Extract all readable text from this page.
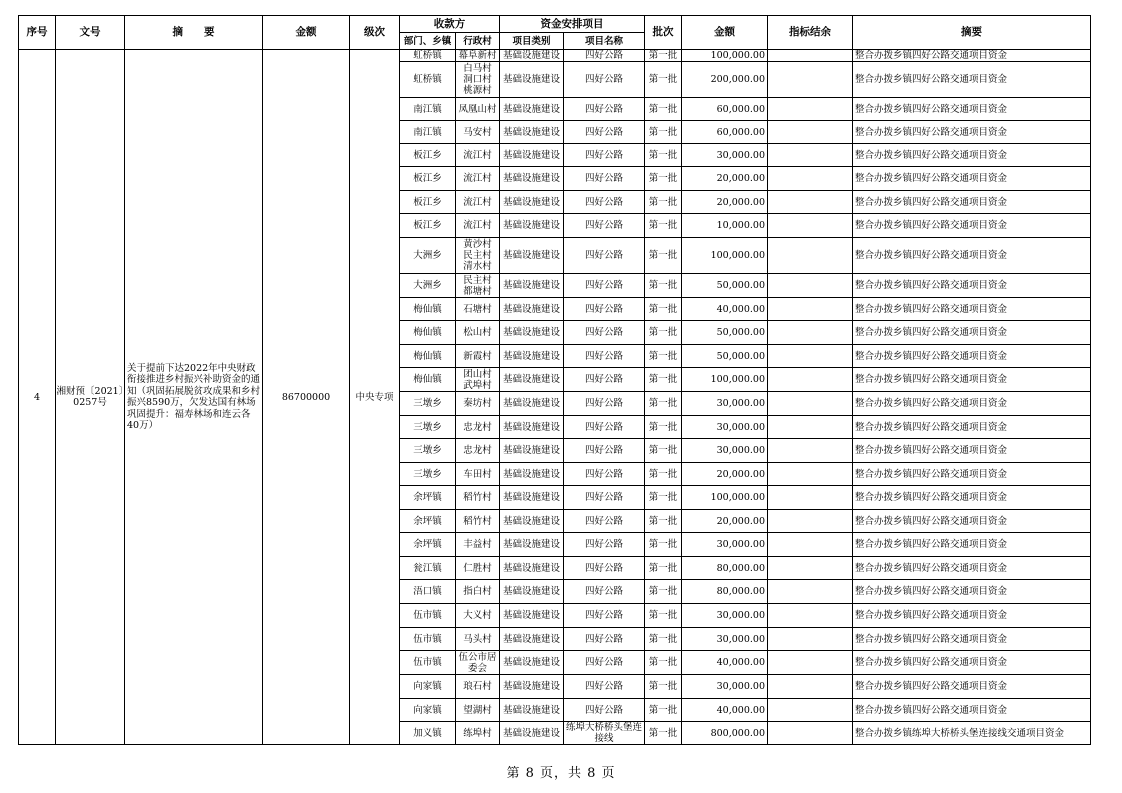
序号	文号	摘　　要	金额	级次	收款方		资金安排项目		批次	金额	指标结余	摘要
					部门、乡镇	行政村	项目类别	项目名称				
4	湘财预〔2021〕0257号	关于提前下达2022年中央财政衔接推进乡村振兴补助资金的通知（巩固拓展脱贫攻成果和乡村振兴8590万，欠发达国有林场巩固提升：福寿林场和连云各40万）	86700000	中央专项	虹桥镇	幕阜新村	基础设施建设	四好公路	第一批	100,000.00		整合办拨乡镇四好公路交通项目资金
					虹桥镇	白马村
洞口村
桃源村	基础设施建设	四好公路	第一批	200,000.00		整合办拨乡镇四好公路交通项目资金
					南江镇	凤凰山村	基础设施建设	四好公路	第一批	60,000.00		整合办拨乡镇四好公路交通项目资金
					南江镇	马安村	基础设施建设	四好公路	第一批	60,000.00		整合办拨乡镇四好公路交通项目资金
					板江乡	流江村	基础设施建设	四好公路	第一批	30,000.00		整合办拨乡镇四好公路交通项目资金
					板江乡	流江村	基础设施建设	四好公路	第一批	20,000.00		整合办拨乡镇四好公路交通项目资金
					板江乡	流江村	基础设施建设	四好公路	第一批	20,000.00		整合办拨乡镇四好公路交通项目资金
					板江乡	流江村	基础设施建设	四好公路	第一批	10,000.00		整合办拨乡镇四好公路交通项目资金
					大洲乡	黄沙村
民主村
清水村	基础设施建设	四好公路	第一批	100,000.00		整合办拨乡镇四好公路交通项目资金
					大洲乡	民主村
都塘村	基础设施建设	四好公路	第一批	50,000.00		整合办拨乡镇四好公路交通项目资金
					梅仙镇	石塘村	基础设施建设	四好公路	第一批	40,000.00		整合办拨乡镇四好公路交通项目资金
					梅仙镇	松山村	基础设施建设	四好公路	第一批	50,000.00		整合办拨乡镇四好公路交通项目资金
					梅仙镇	新霞村	基础设施建设	四好公路	第一批	50,000.00		整合办拨乡镇四好公路交通项目资金
					梅仙镇	团山村
武埠村	基础设施建设	四好公路	第一批	100,000.00		整合办拨乡镇四好公路交通项目资金
					三墩乡	秦坊村	基础设施建设	四好公路	第一批	30,000.00		整合办拨乡镇四好公路交通项目资金
					三墩乡	忠龙村	基础设施建设	四好公路	第一批	30,000.00		整合办拨乡镇四好公路交通项目资金
					三墩乡	忠龙村	基础设施建设	四好公路	第一批	30,000.00		整合办拨乡镇四好公路交通项目资金
					三墩乡	车田村	基础设施建设	四好公路	第一批	20,000.00		整合办拨乡镇四好公路交通项目资金
					余坪镇	稻竹村	基础设施建设	四好公路	第一批	100,000.00		整合办拨乡镇四好公路交通项目资金
					余坪镇	稻竹村	基础设施建设	四好公路	第一批	20,000.00		整合办拨乡镇四好公路交通项目资金
					余坪镇	丰益村	基础设施建设	四好公路	第一批	30,000.00		整合办拨乡镇四好公路交通项目资金
					瓮江镇	仁胜村	基础设施建设	四好公路	第一批	80,000.00		整合办拨乡镇四好公路交通项目资金
					浯口镇	指白村	基础设施建设	四好公路	第一批	80,000.00		整合办拨乡镇四好公路交通项目资金
					伍市镇	大义村	基础设施建设	四好公路	第一批	30,000.00		整合办拨乡镇四好公路交通项目资金
					伍市镇	马头村	基础设施建设	四好公路	第一批	30,000.00		整合办拨乡镇四好公路交通项目资金
					伍市镇	伍公市居
委会	基础设施建设	四好公路	第一批	40,000.00		整合办拨乡镇四好公路交通项目资金
					向家镇	琅石村	基础设施建设	四好公路	第一批	30,000.00		整合办拨乡镇四好公路交通项目资金
					向家镇	望湖村	基础设施建设	四好公路	第一批	40,000.00		整合办拨乡镇四好公路交通项目资金
					加义镇	练埠村	基础设施建设	练埠大桥桥头堡连
接线	第一批	800,000.00		整合办拨乡镇练埠大桥桥头堡连接线交通项目资金
第 8 页，共 8 页
